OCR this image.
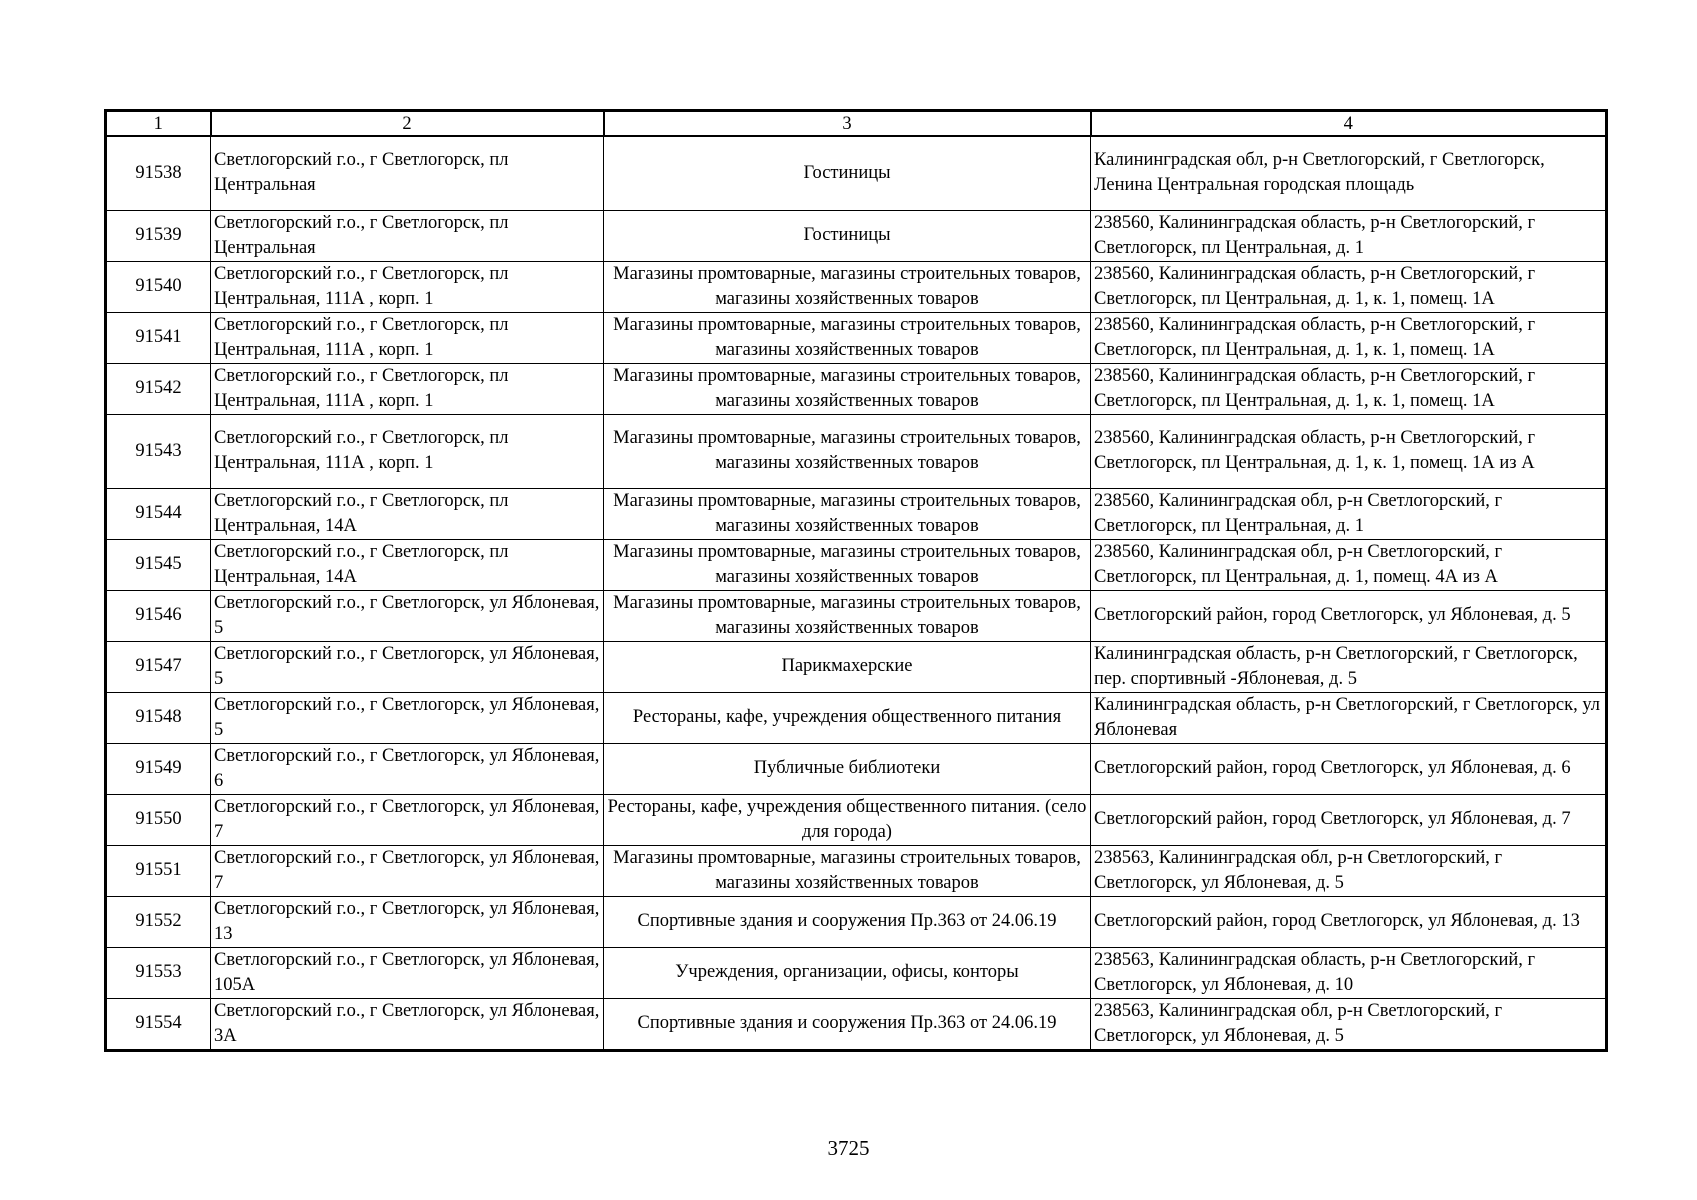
1	2	3	4
91538	Светлогорский г.о., г Светлогорск, пл Центральная	Гостиницы	Калининградская обл, р-н Светлогорский, г Светлогорск, Ленина Центральная городская площадь
91539	Светлогорский г.о., г Светлогорск, пл Центральная	Гостиницы	238560, Калининградская область, р-н Светлогорский, г Светлогорск, пл Центральная, д. 1
91540	Светлогорский г.о., г Светлогорск, пл Центральная, 111А , корп. 1	Магазины промтоварные, магазины строительных товаров, магазины хозяйственных товаров	238560, Калининградская область, р-н Светлогорский, г Светлогорск, пл Центральная, д. 1, к. 1, помещ. 1А
91541	Светлогорский г.о., г Светлогорск, пл Центральная, 111А , корп. 1	Магазины промтоварные, магазины строительных товаров, магазины хозяйственных товаров	238560, Калининградская область, р-н Светлогорский, г Светлогорск, пл Центральная, д. 1, к. 1, помещ. 1А
91542	Светлогорский г.о., г Светлогорск, пл Центральная, 111А , корп. 1	Магазины промтоварные, магазины строительных товаров, магазины хозяйственных товаров	238560, Калининградская область, р-н Светлогорский, г Светлогорск, пл Центральная, д. 1, к. 1, помещ. 1А
91543	Светлогорский г.о., г Светлогорск, пл Центральная, 111А , корп. 1	Магазины промтоварные, магазины строительных товаров, магазины хозяйственных товаров	238560, Калининградская область, р-н Светлогорский, г Светлогорск, пл Центральная, д. 1, к. 1, помещ. 1А из А
91544	Светлогорский г.о., г Светлогорск, пл Центральная, 14А	Магазины промтоварные, магазины строительных товаров, магазины хозяйственных товаров	238560, Калининградская обл, р-н Светлогорский, г Светлогорск, пл Центральная, д. 1
91545	Светлогорский г.о., г Светлогорск, пл Центральная, 14А	Магазины промтоварные, магазины строительных товаров, магазины хозяйственных товаров	238560, Калининградская обл, р-н Светлогорский, г Светлогорск, пл Центральная, д. 1, помещ. 4А из А
91546	Светлогорский г.о., г Светлогорск, ул Яблоневая, 5	Магазины промтоварные, магазины строительных товаров, магазины хозяйственных товаров	Светлогорский район, город Светлогорск, ул Яблоневая, д. 5
91547	Светлогорский г.о., г Светлогорск, ул Яблоневая, 5	Парикмахерские	Калининградская область, р-н Светлогорский, г Светлогорск, пер. спортивный -Яблоневая, д. 5
91548	Светлогорский г.о., г Светлогорск, ул Яблоневая, 5	Рестораны, кафе, учреждения общественного питания	Калининградская область, р-н Светлогорский, г Светлогорск, ул Яблоневая
91549	Светлогорский г.о., г Светлогорск, ул Яблоневая, 6	Публичные библиотеки	Светлогорский район, город Светлогорск, ул Яблоневая, д. 6
91550	Светлогорский г.о., г Светлогорск, ул Яблоневая, 7	Рестораны, кафе, учреждения общественного питания. (село для города)	Светлогорский район, город Светлогорск, ул Яблоневая, д. 7
91551	Светлогорский г.о., г Светлогорск, ул Яблоневая, 7	Магазины промтоварные, магазины строительных товаров, магазины хозяйственных товаров	238563, Калининградская обл, р-н Светлогорский, г Светлогорск, ул Яблоневая, д. 5
91552	Светлогорский г.о., г Светлогорск, ул Яблоневая, 13	Спортивные здания и сооружения Пр.363 от 24.06.19	Светлогорский район, город Светлогорск, ул Яблоневая, д. 13
91553	Светлогорский г.о., г Светлогорск, ул Яблоневая, 105А	Учреждения, организации, офисы, конторы	238563, Калининградская область, р-н Светлогорский, г Светлогорск, ул Яблоневая, д. 10
91554	Светлогорский г.о., г Светлогорск, ул Яблоневая, 3А	Спортивные здания и сооружения Пр.363 от 24.06.19	238563, Калининградская обл, р-н Светлогорский, г Светлогорск, ул Яблоневая, д. 5
3725
